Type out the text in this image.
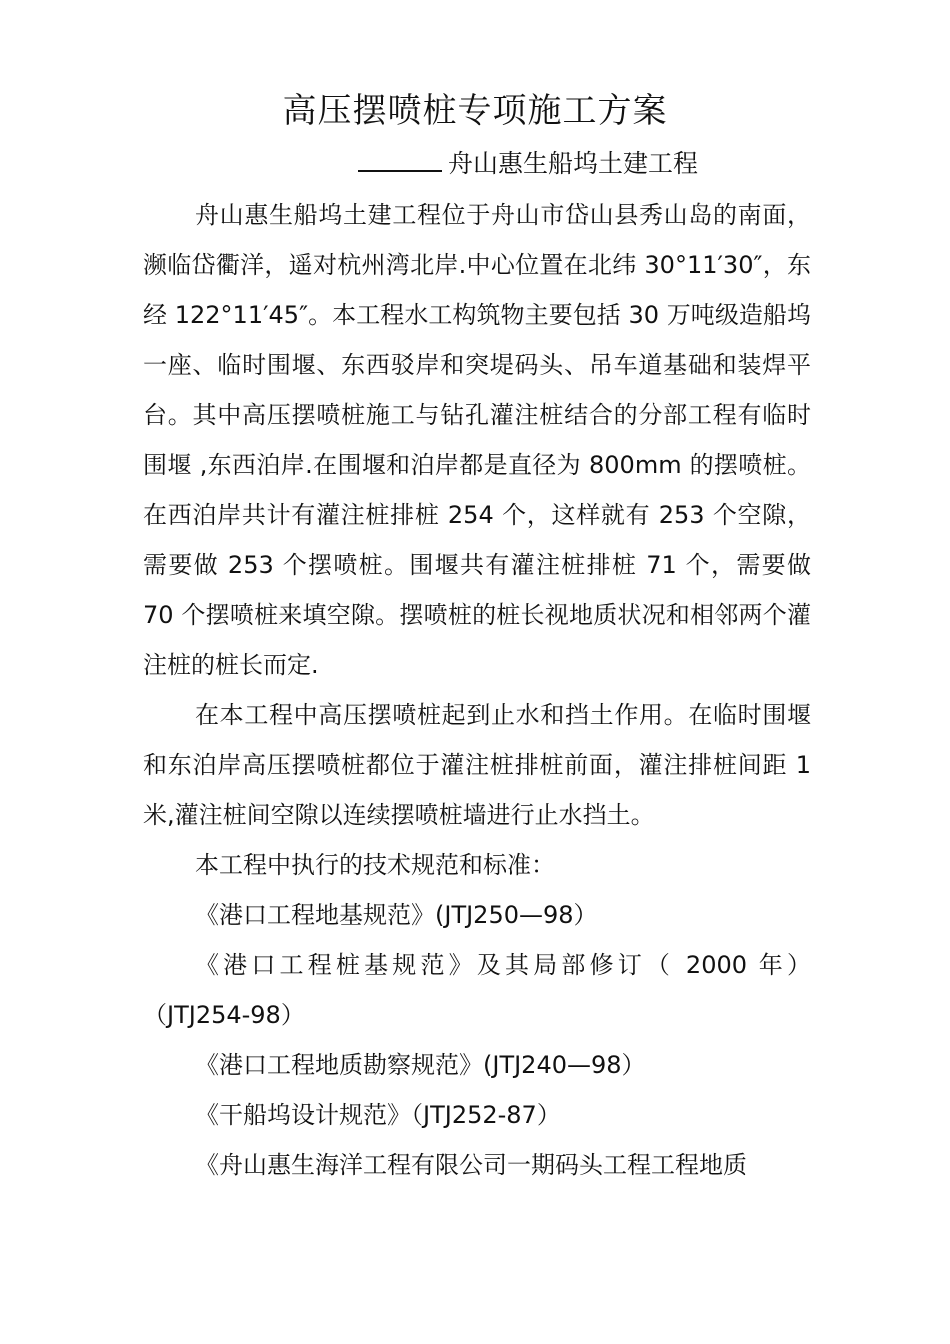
高压摆喷桩专项施工方案
舟山惠生船坞土建工程

舟山惠生船坞土建工程位于舟山市岱山县秀山岛的南面，濒临岱衢洋，遥对杭州湾北岸.中心位置在北纬 30°11′30″，东经 122°11′45″。本工程水工构筑物主要包括 30 万吨级造船坞一座、临时围堰、东西驳岸和突堤码头、吊车道基础和装焊平台。其中高压摆喷桩施工与钻孔灌注桩结合的分部工程有临时围堰 ,东西泊岸.在围堰和泊岸都是直径为 800mm 的摆喷桩。在西泊岸共计有灌注桩排桩 254 个，这样就有 253 个空隙，需要做 253 个摆喷桩。围堰共有灌注桩排桩 71 个，需要做 70 个摆喷桩来填空隙。摆喷桩的桩长视地质状况和相邻两个灌注桩的桩长而定.

在本工程中高压摆喷桩起到止水和挡土作用。在临时围堰和东泊岸高压摆喷桩都位于灌注桩排桩前面，灌注排桩间距 1 米,灌注桩间空隙以连续摆喷桩墙进行止水挡土。

本工程中执行的技术规范和标准：

《港口工程地基规范》(JTJ250—98）

《港口工程桩基规范》及其局部修订（ 2000 年）（JTJ254-98）

《港口工程地质勘察规范》(JTJ240—98）

《干船坞设计规范》（JTJ252-87）

《舟山惠生海洋工程有限公司一期码头工程工程地质
